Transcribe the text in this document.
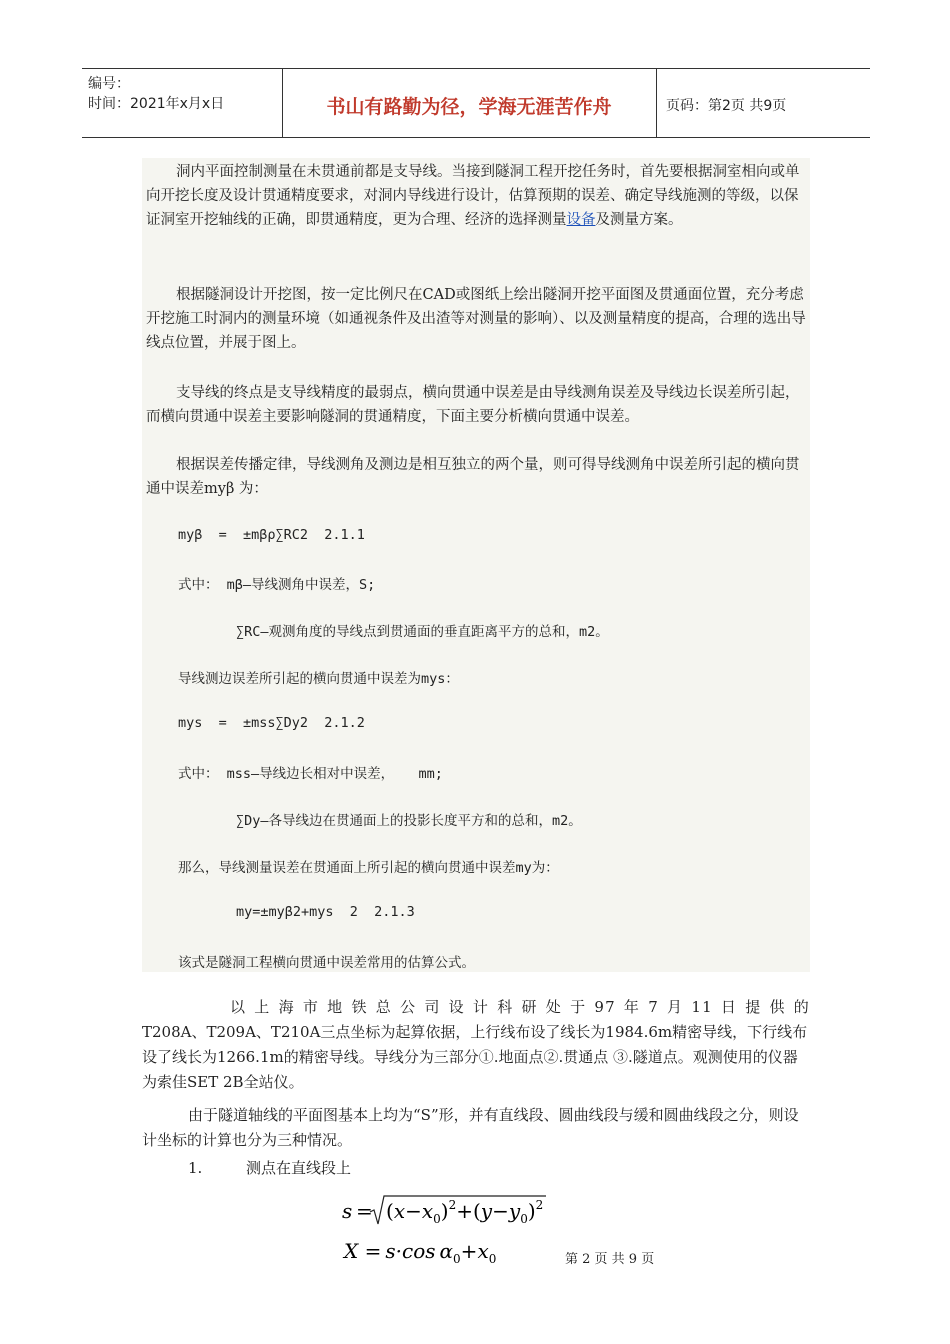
编号：
时间：2021年x月x日	书山有路勤为径，学海无涯苦作舟	页码：第2页 共9页

洞内平面控制测量在未贯通前都是支导线。当接到隧洞工程开挖任务时，首先要根据洞室相向或单向开挖长度及设计贯通精度要求，对洞内导线进行设计，估算预期的误差、确定导线施测的等级，以保证洞室开挖轴线的正确，即贯通精度，更为合理、经济的选择测量设备及测量方案。

根据隧洞设计开挖图，按一定比例尺在CAD或图纸上绘出隧洞开挖平面图及贯通面位置，充分考虑开挖施工时洞内的测量环境（如通视条件及出渣等对测量的影响）、以及测量精度的提高，合理的选出导线点位置，并展于图上。

支导线的终点是支导线精度的最弱点，横向贯通中误差是由导线测角误差及导线边长误差所引起，而横向贯通中误差主要影响隧洞的贯通精度，下面主要分析横向贯通中误差。

根据误差传播定律，导线测角及测边是相互独立的两个量，则可得导线测角中误差所引起的横向贯通中误差myβ 为：

myβ  =  ±mβρ∑RC2  2.1.1
式中： mβ—导线测角中误差，S;
∑RC—观测角度的导线点到贯通面的垂直距离平方的总和，m2。
导线测边误差所引起的横向贯通中误差为mys：
mys  =  ±mss∑Dy2  2.1.2
式中： mss—导线边长相对中误差，   mm;
∑Dy—各导线边在贯通面上的投影长度平方和的总和，m2。
那么，导线测量误差在贯通面上所引起的横向贯通中误差my为：
my=±myβ2+mys  2  2.1.3
该式是隧洞工程横向贯通中误差常用的估算公式。

以上海市地铁总公司设计科研处于97年7月11日提供的

T208A、T209A、T210A三点坐标为起算依据，上行线布设了线长为1984.6m精密导线，下行线布设了线长为1266.1m的精密导线。导线分为三部分①.地面点②.贯通点 ③.隧道点。观测使用的仪器为索佳SET 2B全站仪。

由于隧道轴线的平面图基本上均为“S”形，并有直线段、圆曲线段与缓和圆曲线段之分，则设计坐标的计算也分为三种情况。

1.	测点在直线段上
$s = (x-x_0)^2+(y-y_0)^2$
X = s·cos $\alpha_0+x_0$	第 2 页 共 9 页
